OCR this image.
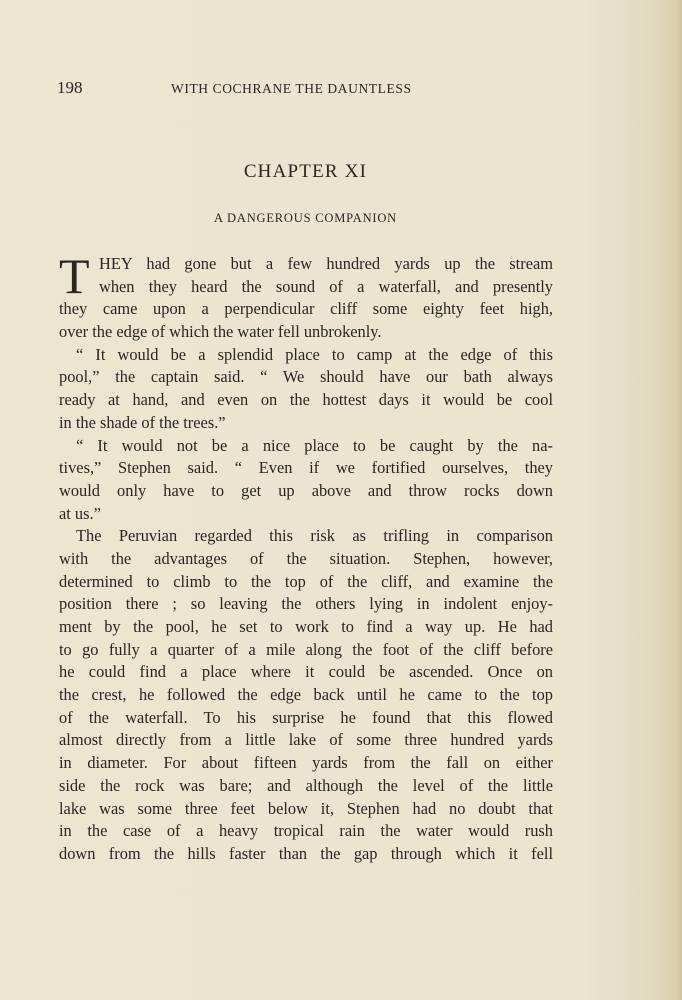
198	WITH COCHRANE THE DAUNTLESS
CHAPTER XI
A DANGEROUS COMPANION
T HEY had gone but a few hundred yards up the stream
when they heard the sound of a waterfall, and presently
they came upon a perpendicular cliff some eighty feet high,
over the edge of which the water fell unbrokenly.
“ It would be a splendid place to camp at the edge of this
pool,” the captain said. “ We should have our bath always
ready at hand, and even on the hottest days it would be cool
in the shade of the trees.”
“ It would not be a nice place to be caught by the na-
tives,” Stephen said. “ Even if we fortified ourselves, they
would only have to get up above and throw rocks down
at us.”
The Peruvian regarded this risk as trifling in comparison
with the advantages of the situation. Stephen, however,
determined to climb to the top of the cliff, and examine the
position there ; so leaving the others lying in indolent enjoy-
ment by the pool, he set to work to find a way up. He had
to go fully a quarter of a mile along the foot of the cliff before
he could find a place where it could be ascended. Once on
the crest, he followed the edge back until he came to the top
of the waterfall. To his surprise he found that this flowed
almost directly from a little lake of some three hundred yards
in diameter. For about fifteen yards from the fall on either
side the rock was bare; and although the level of the little
lake was some three feet below it, Stephen had no doubt that
in the case of a heavy tropical rain the water would rush
down from the hills faster than the gap through which it fell
